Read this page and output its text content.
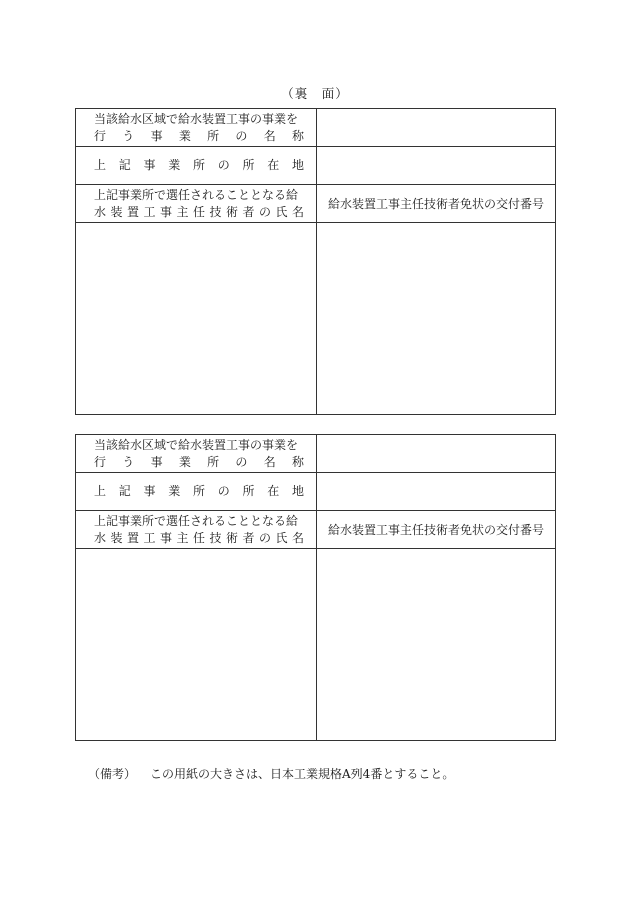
（裏　面）
当該給水区域で給水装置工事の事業を
行う事業所の名称	

上記事業所の所在地	

上記事業所で選任されることとなる給
水装置工事主任技術者の氏名	給水装置工事主任技術者免状の交付番号

当該給水区域で給水装置工事の事業を
行う事業所の名称	

上記事業所の所在地	

上記事業所で選任されることとなる給
水装置工事主任技術者の氏名	給水装置工事主任技術者免状の交付番号

（備考） この用紙の大きさは、日本工業規格A列4番とすること。
